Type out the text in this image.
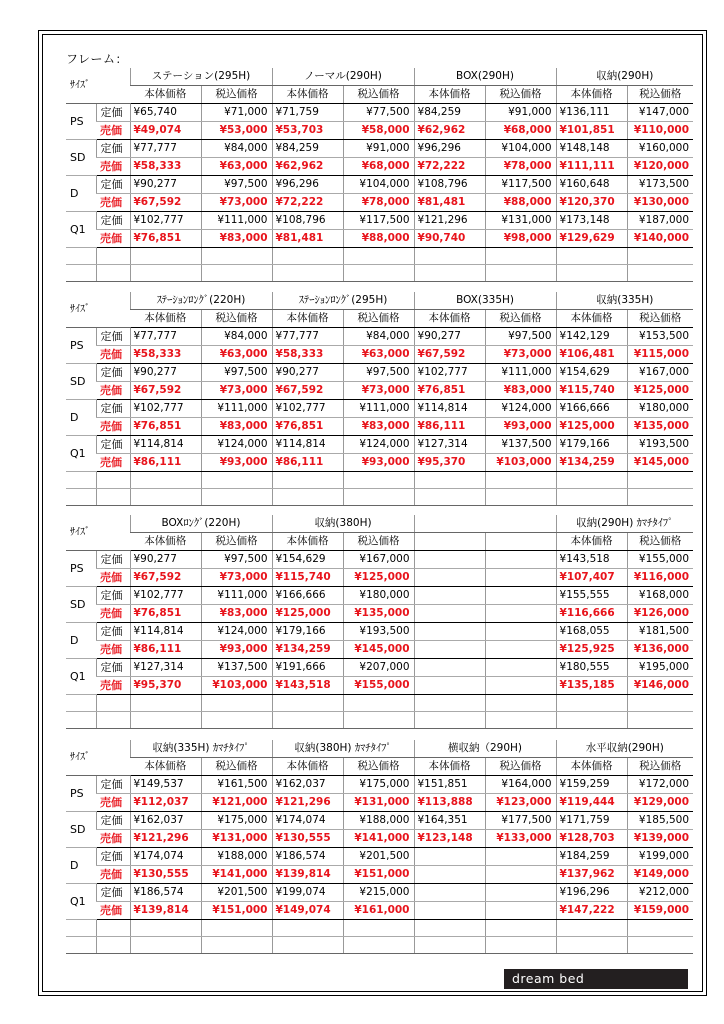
フレーム：
ｻｲｽﾞ		ステーション(295H)		ノーマル(290H)		BOX(290H)		収納(290H)	
		本体価格	税込価格	本体価格	税込価格	本体価格	税込価格	本体価格	税込価格
PS	定価	¥65,740	¥71,000	¥71,759	¥77,500	¥84,259	¥91,000	¥136,111	¥147,000
	売価	¥49,074	¥53,000	¥53,703	¥58,000	¥62,962	¥68,000	¥101,851	¥110,000
SD	定価	¥77,777	¥84,000	¥84,259	¥91,000	¥96,296	¥104,000	¥148,148	¥160,000
	売価	¥58,333	¥63,000	¥62,962	¥68,000	¥72,222	¥78,000	¥111,111	¥120,000
D	定価	¥90,277	¥97,500	¥96,296	¥104,000	¥108,796	¥117,500	¥160,648	¥173,500
	売価	¥67,592	¥73,000	¥72,222	¥78,000	¥81,481	¥88,000	¥120,370	¥130,000
Q1	定価	¥102,777	¥111,000	¥108,796	¥117,500	¥121,296	¥131,000	¥173,148	¥187,000
	売価	¥76,851	¥83,000	¥81,481	¥88,000	¥90,740	¥98,000	¥129,629	¥140,000

ｻｲｽﾞ		ｽﾃｰｼｮﾝﾛﾝｸﾞ(220H)		ｽﾃｰｼｮﾝﾛﾝｸﾞ(295H)		BOX(335H)		収納(335H)	
		本体価格	税込価格	本体価格	税込価格	本体価格	税込価格	本体価格	税込価格
PS	定価	¥77,777	¥84,000	¥77,777	¥84,000	¥90,277	¥97,500	¥142,129	¥153,500
	売価	¥58,333	¥63,000	¥58,333	¥63,000	¥67,592	¥73,000	¥106,481	¥115,000
SD	定価	¥90,277	¥97,500	¥90,277	¥97,500	¥102,777	¥111,000	¥154,629	¥167,000
	売価	¥67,592	¥73,000	¥67,592	¥73,000	¥76,851	¥83,000	¥115,740	¥125,000
D	定価	¥102,777	¥111,000	¥102,777	¥111,000	¥114,814	¥124,000	¥166,666	¥180,000
	売価	¥76,851	¥83,000	¥76,851	¥83,000	¥86,111	¥93,000	¥125,000	¥135,000
Q1	定価	¥114,814	¥124,000	¥114,814	¥124,000	¥127,314	¥137,500	¥179,166	¥193,500
	売価	¥86,111	¥93,000	¥86,111	¥93,000	¥95,370	¥103,000	¥134,259	¥145,000

ｻｲｽﾞ		BOXﾛﾝｸﾞ(220H)		収納(380H)				収納(290H) ｶﾏﾁﾀｲﾌﾟ	
		本体価格	税込価格	本体価格	税込価格			本体価格	税込価格
PS	定価	¥90,277	¥97,500	¥154,629	¥167,000			¥143,518	¥155,000
	売価	¥67,592	¥73,000	¥115,740	¥125,000			¥107,407	¥116,000
SD	定価	¥102,777	¥111,000	¥166,666	¥180,000			¥155,555	¥168,000
	売価	¥76,851	¥83,000	¥125,000	¥135,000			¥116,666	¥126,000
D	定価	¥114,814	¥124,000	¥179,166	¥193,500			¥168,055	¥181,500
	売価	¥86,111	¥93,000	¥134,259	¥145,000			¥125,925	¥136,000
Q1	定価	¥127,314	¥137,500	¥191,666	¥207,000			¥180,555	¥195,000
	売価	¥95,370	¥103,000	¥143,518	¥155,000			¥135,185	¥146,000

ｻｲｽﾞ		収納(335H) ｶﾏﾁﾀｲﾌﾟ		収納(380H) ｶﾏﾁﾀｲﾌﾟ		横収納（290H)		水平収納(290H)	
		本体価格	税込価格	本体価格	税込価格	本体価格	税込価格	本体価格	税込価格
PS	定価	¥149,537	¥161,500	¥162,037	¥175,000	¥151,851	¥164,000	¥159,259	¥172,000
	売価	¥112,037	¥121,000	¥121,296	¥131,000	¥113,888	¥123,000	¥119,444	¥129,000
SD	定価	¥162,037	¥175,000	¥174,074	¥188,000	¥164,351	¥177,500	¥171,759	¥185,500
	売価	¥121,296	¥131,000	¥130,555	¥141,000	¥123,148	¥133,000	¥128,703	¥139,000
D	定価	¥174,074	¥188,000	¥186,574	¥201,500			¥184,259	¥199,000
	売価	¥130,555	¥141,000	¥139,814	¥151,000			¥137,962	¥149,000
Q1	定価	¥186,574	¥201,500	¥199,074	¥215,000			¥196,296	¥212,000
	売価	¥139,814	¥151,000	¥149,074	¥161,000			¥147,222	¥159,000

dream bed
